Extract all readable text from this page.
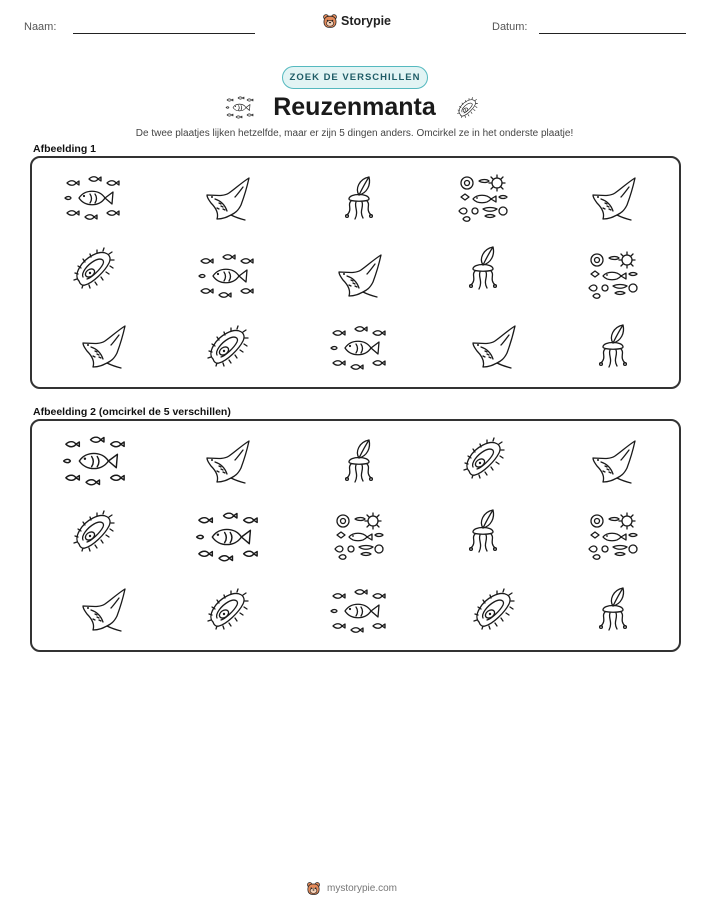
Naam:	Storypie	Datum:
ZOEK DE VERSCHILLEN
Reuzenmanta
De twee plaatjes lijken hetzelfde, maar er zijn 5 dingen anders. Omcirkel ze in het onderste plaatje!
Afbeelding 1
Afbeelding 2 (omcirkel de 5 verschillen)
mystorypie.com
